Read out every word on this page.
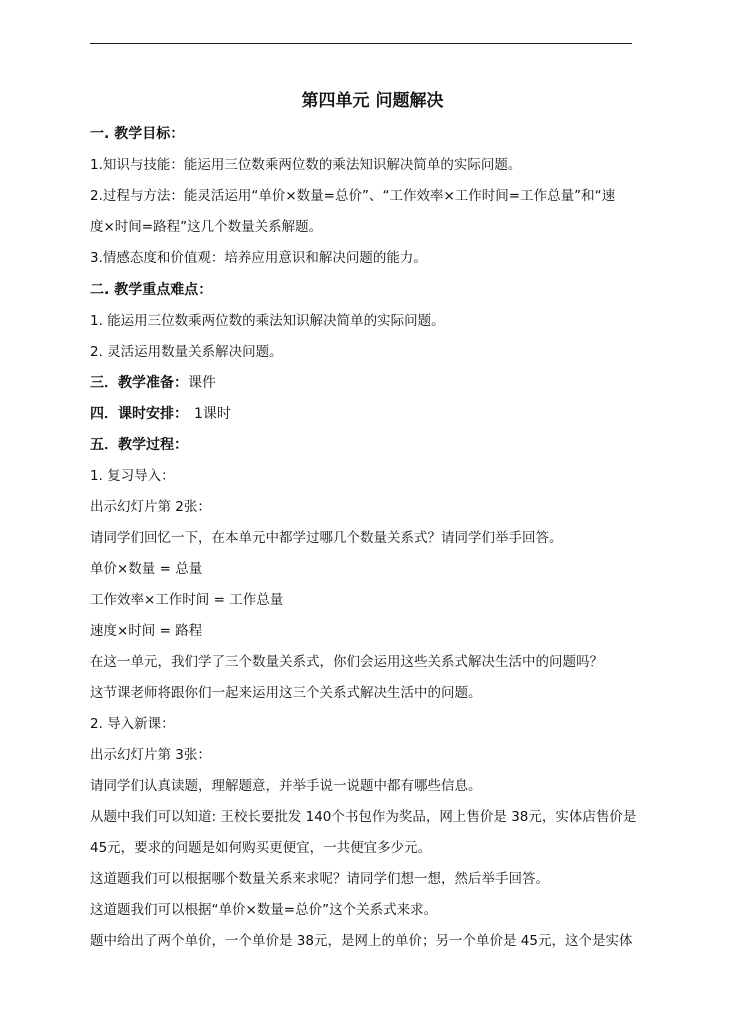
第四单元 问题解决
一. 教学目标：
1.知识与技能：能运用三位数乘两位数的乘法知识解决简单的实际问题。
2.过程与方法：能灵活运用“单价×数量=总价”、“工作效率×工作时间=工作总量”和“速
度×时间=路程”这几个数量关系解题。
3.情感态度和价值观：培养应用意识和解决问题的能力。
二. 教学重点难点：
1. 能运用三位数乘两位数的乘法知识解决简单的实际问题。
2. 灵活运用数量关系解决问题。
三．教学准备：课件
四．课时安排： 1课时
五．教学过程：
1. 复习导入：
出示幻灯片第 2张：
请同学们回忆一下，在本单元中都学过哪几个数量关系式？请同学们举手回答。
单价×数量 = 总量
工作效率×工作时间 = 工作总量
速度×时间 = 路程
在这一单元，我们学了三个数量关系式，你们会运用这些关系式解决生活中的问题吗？
这节课老师将跟你们一起来运用这三个关系式解决生活中的问题。
2. 导入新课：
出示幻灯片第 3张：
请同学们认真读题，理解题意，并举手说一说题中都有哪些信息。
从题中我们可以知道: 王校长要批发 140个书包作为奖品，网上售价是 38元，实体店售价是
45元，要求的问题是如何购买更便宜，一共便宜多少元。
这道题我们可以根据哪个数量关系来求呢？请同学们想一想，然后举手回答。
这道题我们可以根据“单价×数量=总价”这个关系式来求。
题中给出了两个单价，一个单价是 38元，是网上的单价；另一个单价是 45元，这个是实体
